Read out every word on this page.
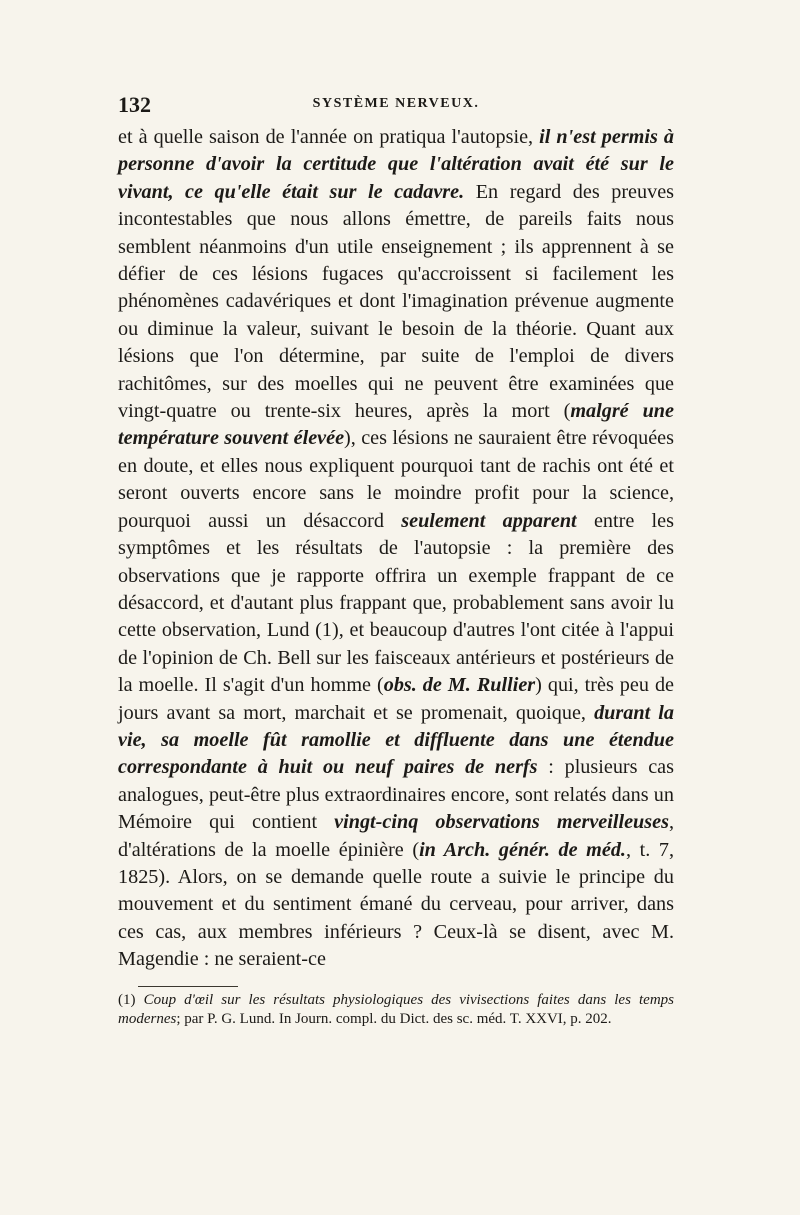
132	SYSTÈME NERVEUX.
et à quelle saison de l'année on pratiqua l'autopsie, il n'est permis à personne d'avoir la certitude que l'altération avait été sur le vivant, ce qu'elle était sur le cadavre. En regard des preuves incontestables que nous allons émettre, de pareils faits nous semblent néanmoins d'un utile enseignement ; ils apprennent à se défier de ces lésions fugaces qu'accroissent si facilement les phénomènes cadavériques et dont l'imagination prévenue augmente ou diminue la valeur, suivant le besoin de la théorie. Quant aux lésions que l'on détermine, par suite de l'emploi de divers rachitômes, sur des moelles qui ne peuvent être examinées que vingt-quatre ou trente-six heures, après la mort (malgré une température souvent élevée), ces lésions ne sauraient être révoquées en doute, et elles nous expliquent pourquoi tant de rachis ont été et seront ouverts encore sans le moindre profit pour la science, pourquoi aussi un désaccord seulement apparent entre les symptômes et les résultats de l'autopsie : la première des observations que je rapporte offrira un exemple frappant de ce désaccord, et d'autant plus frappant que, probablement sans avoir lu cette observation, Lund (1), et beaucoup d'autres l'ont citée à l'appui de l'opinion de Ch. Bell sur les faisceaux antérieurs et postérieurs de la moelle. Il s'agit d'un homme (obs. de M. Rullier) qui, très peu de jours avant sa mort, marchait et se promenait, quoique, durant la vie, sa moelle fût ramollie et diffluente dans une étendue correspondante à huit ou neuf paires de nerfs : plusieurs cas analogues, peut-être plus extraordinaires encore, sont relatés dans un Mémoire qui contient vingt-cinq observations merveilleuses, d'altérations de la moelle épinière (in Arch. génér. de méd., t. 7, 1825). Alors, on se demande quelle route a suivie le principe du mouvement et du sentiment émané du cerveau, pour arriver, dans ces cas, aux membres inférieurs ? Ceux-là se disent, avec M. Magendie : ne seraient-ce
(1) Coup d'œil sur les résultats physiologiques des vivisections faites dans les temps modernes; par P. G. Lund. In Journ. compl. du Dict. des sc. méd. T. XXVI, p. 202.
